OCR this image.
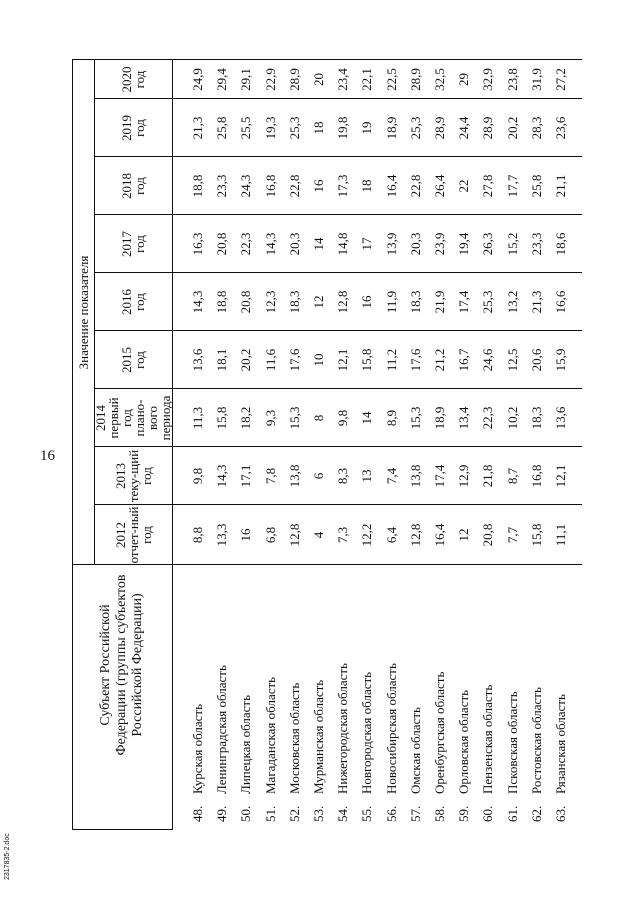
16
2317835-2.doc
Субъект Российской Федерации (группы субъектов Российской Федерации)
Значение показателя
2012
отчет-ный
год
2013
теку-щий
год
2014
первый
год
плано-вого
периода
2015
год
2016
год
2017
год
2018
год
2019
год
2020
год
48.
Курская область
8,8
9,8
11,3
13,6
14,3
16,3
18,8
21,3
24,9
49.
Ленинградская область
13,3
14,3
15,8
18,1
18,8
20,8
23,3
25,8
29,4
50.
Липецкая область
16
17,1
18,2
20,2
20,8
22,3
24,3
25,5
29,1
51.
Магаданская область
6,8
7,8
9,3
11,6
12,3
14,3
16,8
19,3
22,9
52.
Московская область
12,8
13,8
15,3
17,6
18,3
20,3
22,8
25,3
28,9
53.
Мурманская область
4
6
8
10
12
14
16
18
20
54.
Нижегородская область
7,3
8,3
9,8
12,1
12,8
14,8
17,3
19,8
23,4
55.
Новгородская область
12,2
13
14
15,8
16
17
18
19
22,1
56.
Новосибирская область
6,4
7,4
8,9
11,2
11,9
13,9
16,4
18,9
22,5
57.
Омская область
12,8
13,8
15,3
17,6
18,3
20,3
22,8
25,3
28,9
58.
Оренбургская область
16,4
17,4
18,9
21,2
21,9
23,9
26,4
28,9
32,5
59.
Орловская область
12
12,9
13,4
16,7
17,4
19,4
22
24,4
29
60.
Пензенская область
20,8
21,8
22,3
24,6
25,3
26,3
27,8
28,9
32,9
61.
Псковская область
7,7
8,7
10,2
12,5
13,2
15,2
17,7
20,2
23,8
62.
Ростовская область
15,8
16,8
18,3
20,6
21,3
23,3
25,8
28,3
31,9
63.
Рязанская область
11,1
12,1
13,6
15,9
16,6
18,6
21,1
23,6
27,2
